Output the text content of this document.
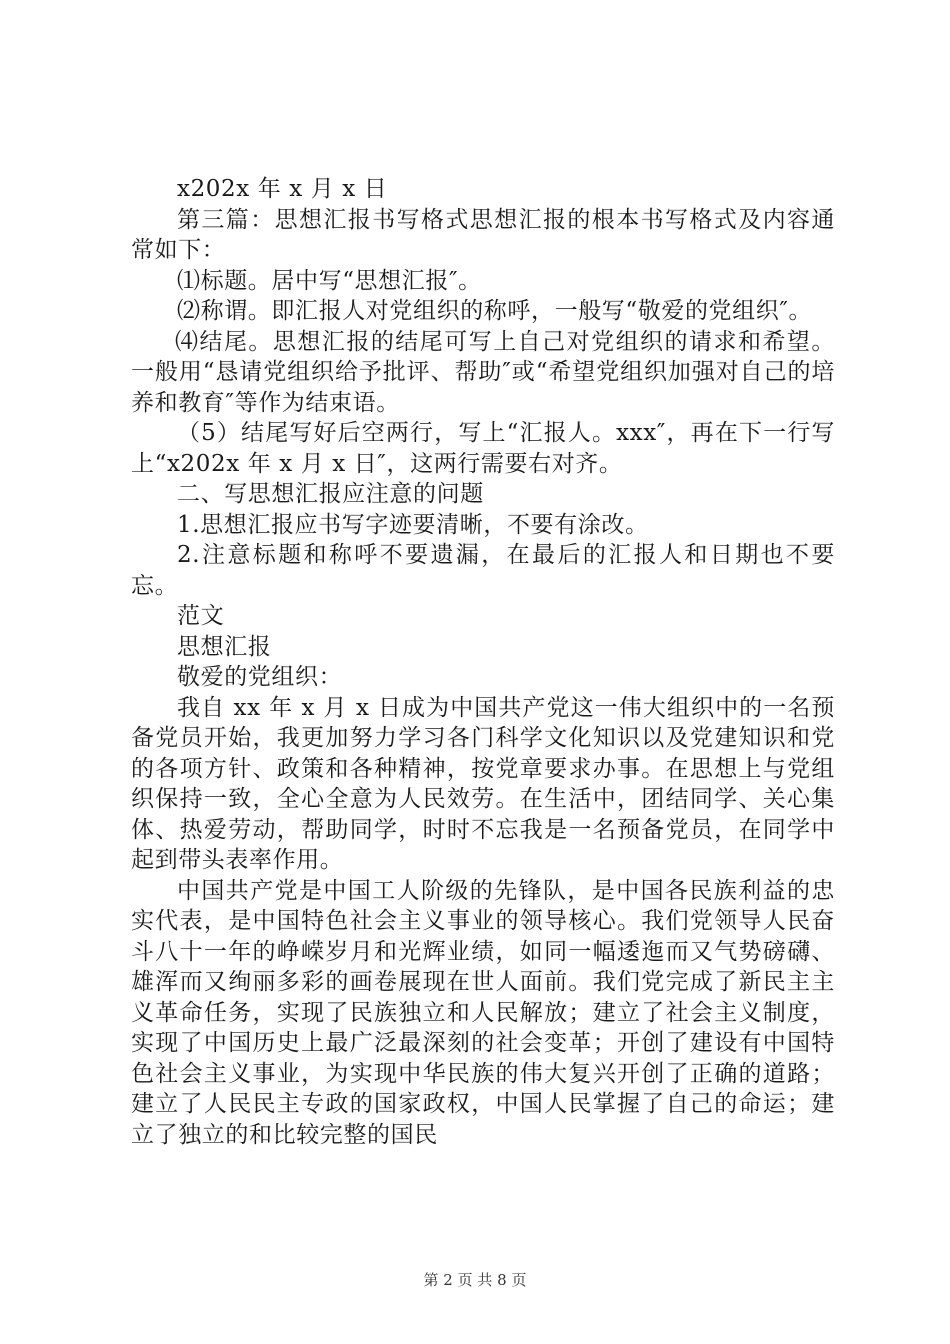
x202x 年 x 月 x 日

第三篇：思想汇报书写格式思想汇报的根本书写格式及内容通常如下：

⑴标题。居中写“思想汇报″。

⑵称谓。即汇报人对党组织的称呼，一般写“敬爱的党组织″。

⑷结尾。思想汇报的结尾可写上自己对党组织的请求和希望。一般用“恳请党组织给予批评、帮助″或“希望党组织加强对自己的培养和教育″等作为结束语。

（5）结尾写好后空两行，写上“汇报人。xxx″，再在下一行写上“x202x 年 x 月 x 日″，这两行需要右对齐。

二、写思想汇报应注意的问题

1.思想汇报应书写字迹要清晰，不要有涂改。

2.注意标题和称呼不要遗漏，在最后的汇报人和日期也不要忘。

范文

思想汇报

敬爱的党组织：

我自 xx 年 x 月 x 日成为中国共产党这一伟大组织中的一名预备党员开始，我更加努力学习各门科学文化知识以及党建知识和党的各项方针、政策和各种精神，按党章要求办事。在思想上与党组织保持一致，全心全意为人民效劳。在生活中，团结同学、关心集体、热爱劳动，帮助同学，时时不忘我是一名预备党员，在同学中起到带头表率作用。

中国共产党是中国工人阶级的先锋队，是中国各民族利益的忠实代表，是中国特色社会主义事业的领导核心。我们党领导人民奋斗八十一年的峥嵘岁月和光辉业绩，如同一幅逶迤而又气势磅礴、雄浑而又绚丽多彩的画卷展现在世人面前。我们党完成了新民主主义革命任务，实现了民族独立和人民解放；建立了社会主义制度，实现了中国历史上最广泛最深刻的社会变革；开创了建设有中国特色社会主义事业，为实现中华民族的伟大复兴开创了正确的道路；建立了人民民主专政的国家政权，中国人民掌握了自己的命运；建立了独立的和比较完整的国民

第 2 页 共 8 页
